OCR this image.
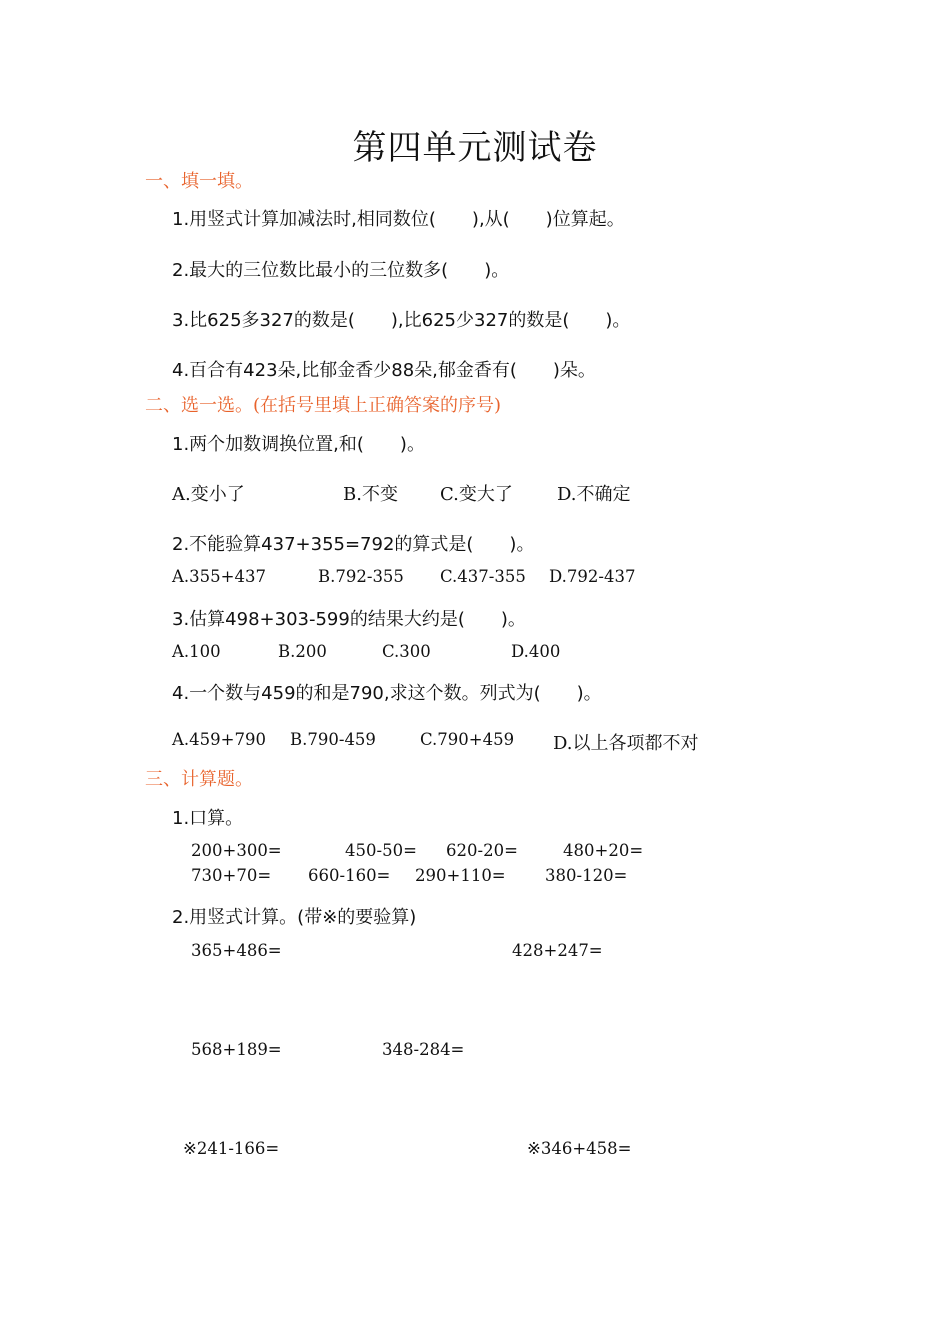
第四单元测试卷
一、填一填。
1.用竖式计算加减法时,相同数位(　　),从(　　)位算起。
2.最大的三位数比最小的三位数多(　　)。
3.比625多327的数是(　　),比625少327的数是(　　)。
4.百合有423朵,比郁金香少88朵,郁金香有(　　)朵。
二、选一选。(在括号里填上正确答案的序号)
1.两个加数调换位置,和(　　)。
A.变小了	B.不变 C.变大了 D.不确定
2.不能验算437+355=792的算式是(　　)。
A.355+437	B.792-355 C.437-355 D.792-437
3.估算498+303-599的结果大约是(　　)。
A.100	B.200	C.300	D.400
4.一个数与459的和是790,求这个数。列式为(　　)。
A.459+790 B.790-459	C.790+459 D.以上各项都不对
三、计算题。
1.口算。
200+300=	450-50= 620-20=	480+20=
730+70= 660-160= 290+110= 380-120=
2.用竖式计算。(带※的要验算)
365+486=	428+247=
568+189=	348-284=
※241-166=	※346+458=
